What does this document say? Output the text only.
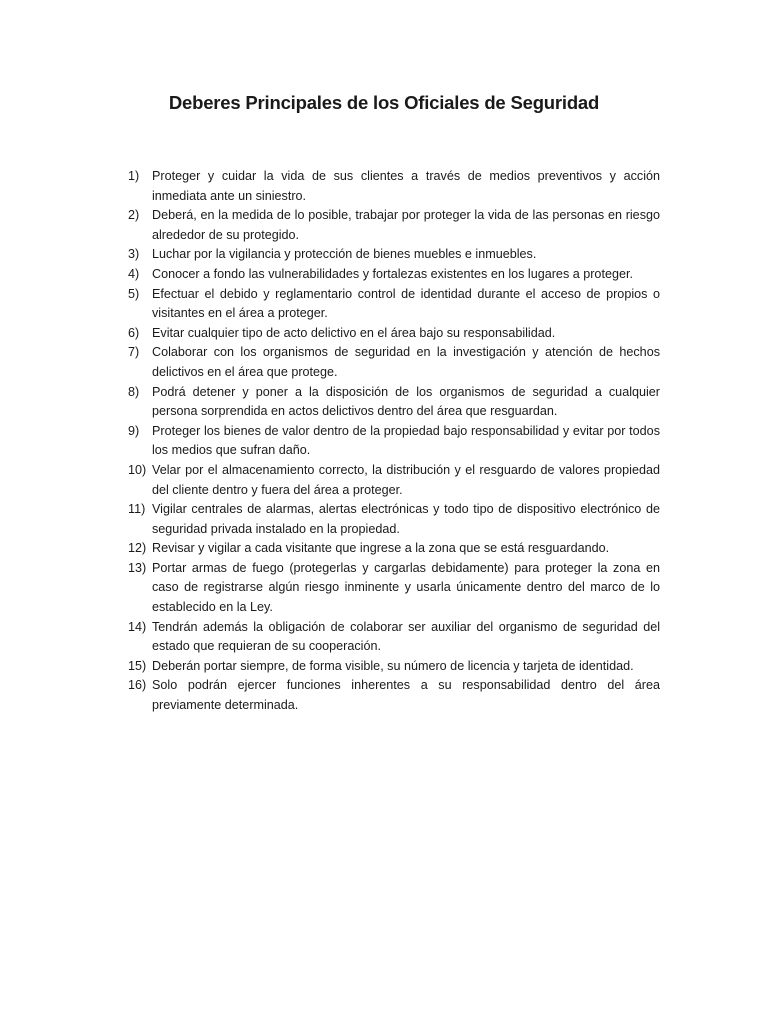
Deberes Principales de los Oficiales de Seguridad
1)	Proteger y cuidar la vida de sus clientes a través de medios preventivos y acción inmediata ante un siniestro.
2)	Deberá, en la medida de lo posible, trabajar por proteger la vida de las personas en riesgo alrededor de su protegido.
3)	Luchar por la vigilancia y protección de bienes muebles e inmuebles.
4)	Conocer a fondo las vulnerabilidades y fortalezas existentes en los lugares a proteger.
5)	Efectuar el debido y reglamentario control de identidad durante el acceso de propios o visitantes en el área a proteger.
6)	Evitar cualquier tipo de acto delictivo en el área bajo su responsabilidad.
7)	Colaborar con los organismos de seguridad en la investigación y atención de hechos delictivos en el área que protege.
8)	Podrá detener y poner a la disposición de los organismos de seguridad a cualquier persona sorprendida en actos delictivos dentro del área que resguardan.
9)	Proteger los bienes de valor dentro de la propiedad bajo responsabilidad y evitar por todos los medios que sufran daño.
10) Velar por el almacenamiento correcto, la distribución y el resguardo de valores propiedad del cliente dentro y fuera del área a proteger.
11) Vigilar centrales de alarmas, alertas electrónicas y todo tipo de dispositivo electrónico de seguridad privada instalado en la propiedad.
12) Revisar y vigilar a cada visitante que ingrese a la zona que se está resguardando.
13) Portar armas de fuego (protegerlas y cargarlas debidamente) para proteger la zona en caso de registrarse algún riesgo inminente y usarla únicamente dentro del marco de lo establecido en la Ley.
14) Tendrán además la obligación de colaborar ser auxiliar del organismo de seguridad del estado que requieran de su cooperación.
15) Deberán portar siempre, de forma visible, su número de licencia y tarjeta de identidad.
16) Solo podrán ejercer funciones inherentes a su responsabilidad dentro del área previamente determinada.
